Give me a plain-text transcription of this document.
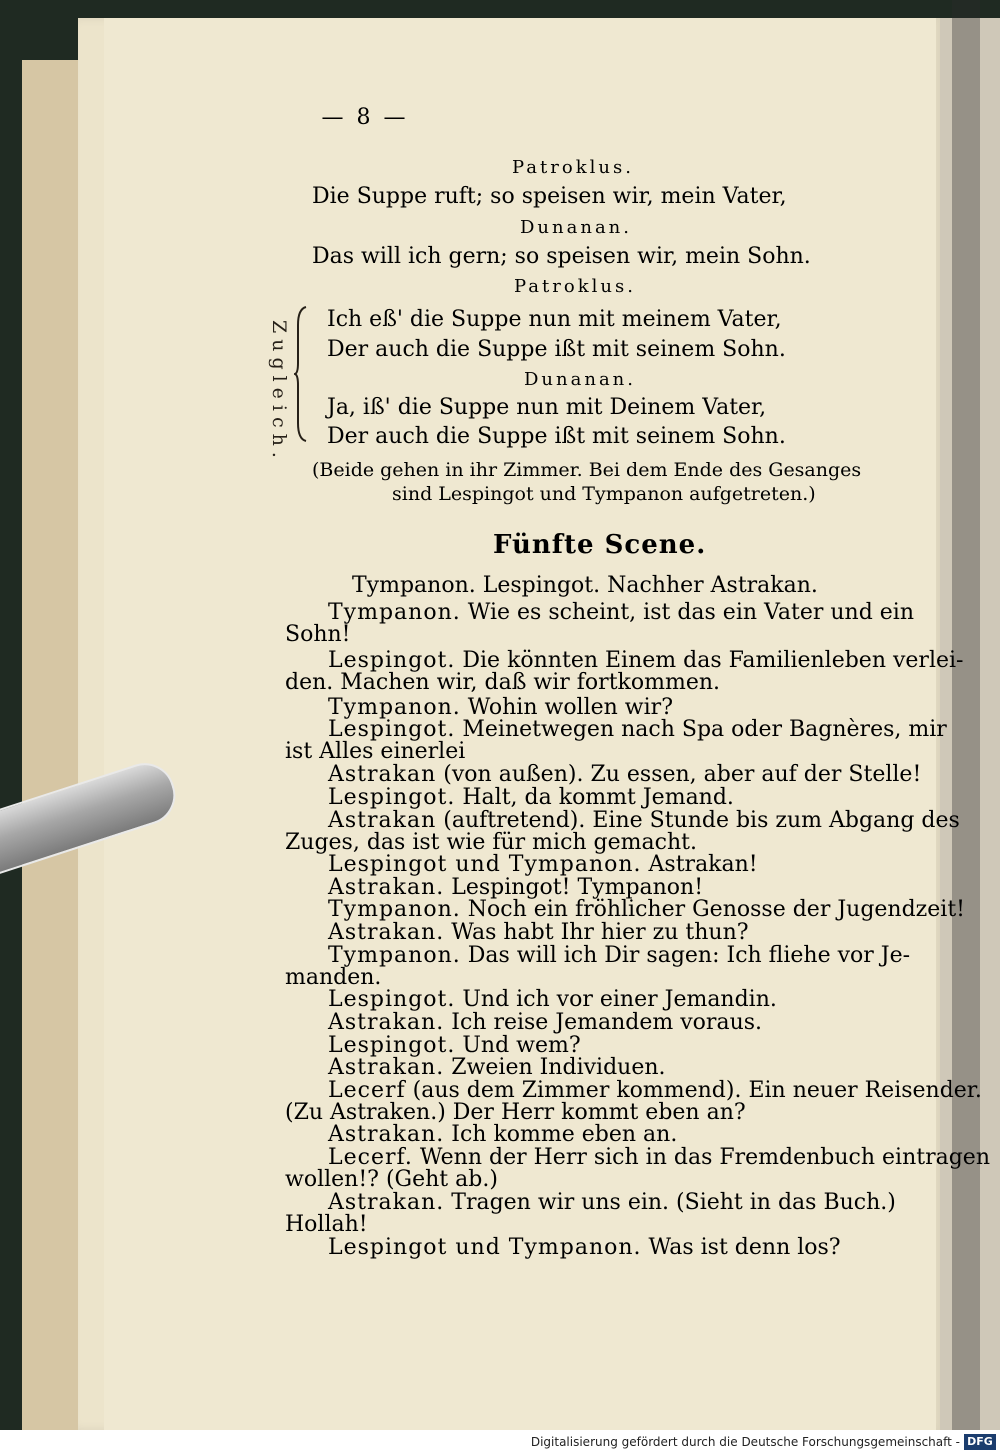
— 8 —
Patroklus.
Die Suppe ruft; so speisen wir, mein Vater,
Dunanan.
Das will ich gern; so speisen wir, mein Sohn.
Patroklus.
Zugleich.
Ich eß' die Suppe nun mit meinem Vater,
Der auch die Suppe ißt mit seinem Sohn.
Dunanan.
Ja, iß' die Suppe nun mit Deinem Vater,
Der auch die Suppe ißt mit seinem Sohn.
(Beide gehen in ihr Zimmer. Bei dem Ende des Gesanges
sind Lespingot und Tympanon aufgetreten.)
Fünfte Scene.
Tympanon. Lespingot. Nachher Astrakan.
Tympanon. Wie es scheint, ist das ein Vater und ein
Sohn!
Lespingot. Die könnten Einem das Familienleben verlei-
den. Machen wir, daß wir fortkommen.
Tympanon. Wohin wollen wir?
Lespingot. Meinetwegen nach Spa oder Bagnères, mir
ist Alles einerlei
Astrakan (von außen). Zu essen, aber auf der Stelle!
Lespingot. Halt, da kommt Jemand.
Astrakan (auftretend). Eine Stunde bis zum Abgang des
Zuges, das ist wie für mich gemacht.
Lespingot und Tympanon. Astrakan!
Astrakan. Lespingot! Tympanon!
Tympanon. Noch ein fröhlicher Genosse der Jugendzeit!
Astrakan. Was habt Ihr hier zu thun?
Tympanon. Das will ich Dir sagen: Ich fliehe vor Je-
manden.
Lespingot. Und ich vor einer Jemandin.
Astrakan. Ich reise Jemandem voraus.
Lespingot. Und wem?
Astrakan. Zweien Individuen.
Lecerf (aus dem Zimmer kommend). Ein neuer Reisender.
(Zu Astraken.) Der Herr kommt eben an?
Astrakan. Ich komme eben an.
Lecerf. Wenn der Herr sich in das Fremdenbuch eintragen
wollen!? (Geht ab.)
Astrakan. Tragen wir uns ein. (Sieht in das Buch.)
Hollah!
Lespingot und Tympanon. Was ist denn los?
Digitalisierung gefördert durch die Deutsche Forschungsgemeinschaft - DFG
